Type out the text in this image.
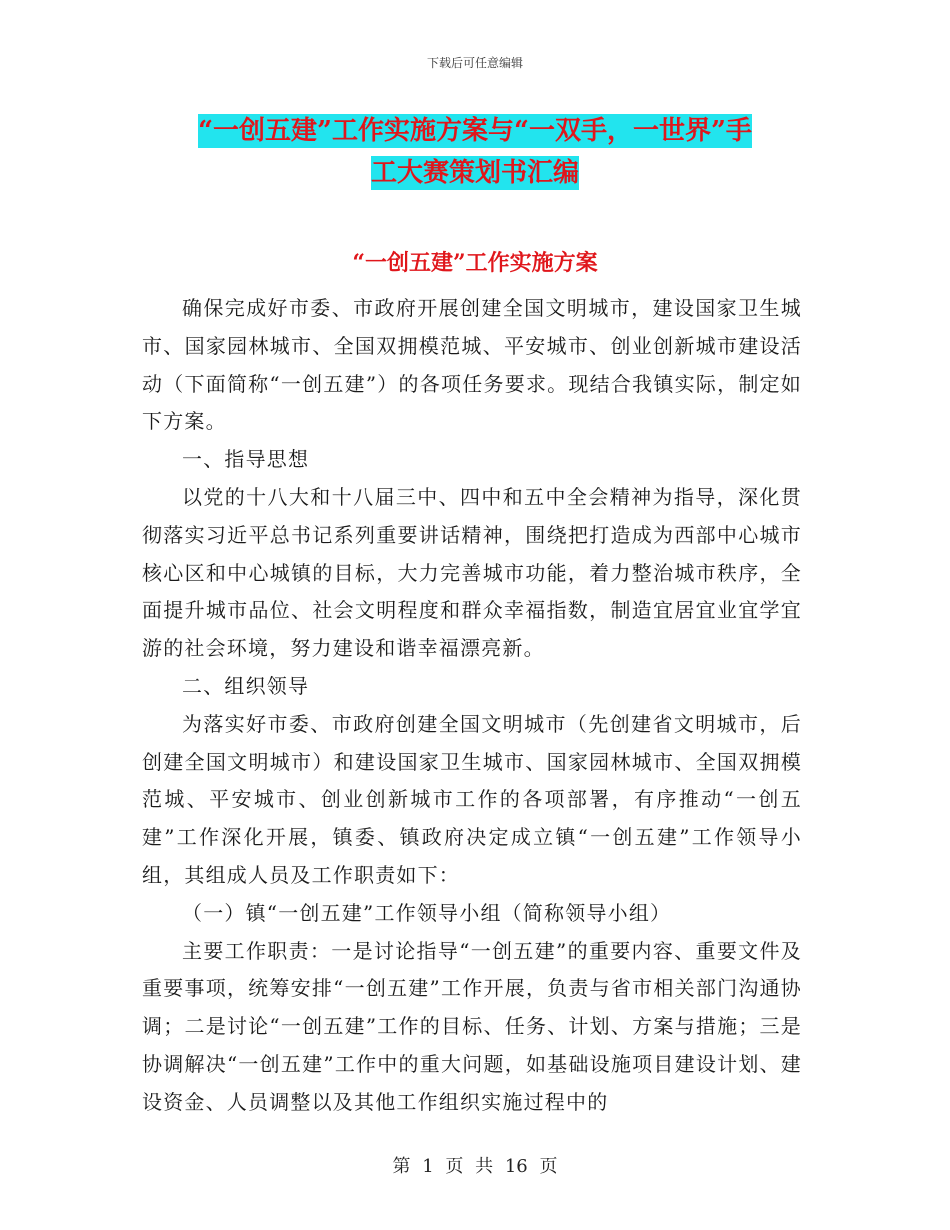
下载后可任意编辑
“一创五建”工作实施方案与“一双手，一世界”手
工大赛策划书汇编
“一创五建”工作实施方案

确保完成好市委、市政府开展创建全国文明城市，建设国家卫生城市、国家园林城市、全国双拥模范城、平安城市、创业创新城市建设活动（下面简称“一创五建”）的各项任务要求。现结合我镇实际，制定如下方案。

一、指导思想

以党的十八大和十八届三中、四中和五中全会精神为指导，深化贯彻落实习近平总书记系列重要讲话精神，围绕把打造成为西部中心城市核心区和中心城镇的目标，大力完善城市功能，着力整治城市秩序，全面提升城市品位、社会文明程度和群众幸福指数，制造宜居宜业宜学宜游的社会环境，努力建设和谐幸福漂亮新。

二、组织领导

为落实好市委、市政府创建全国文明城市（先创建省文明城市，后创建全国文明城市）和建设国家卫生城市、国家园林城市、全国双拥模范城、平安城市、创业创新城市工作的各项部署，有序推动“一创五建”工作深化开展，镇委、镇政府决定成立镇“一创五建”工作领导小组，其组成人员及工作职责如下：

（一）镇“一创五建”工作领导小组（简称领导小组）

主要工作职责：一是讨论指导“一创五建”的重要内容、重要文件及重要事项，统筹安排“一创五建”工作开展，负责与省市相关部门沟通协调；二是讨论“一创五建”工作的目标、任务、计划、方案与措施；三是协调解决“一创五建”工作中的重大问题，如基础设施项目建设计划、建设资金、人员调整以及其他工作组织实施过程中的

第 1 页 共 16 页
